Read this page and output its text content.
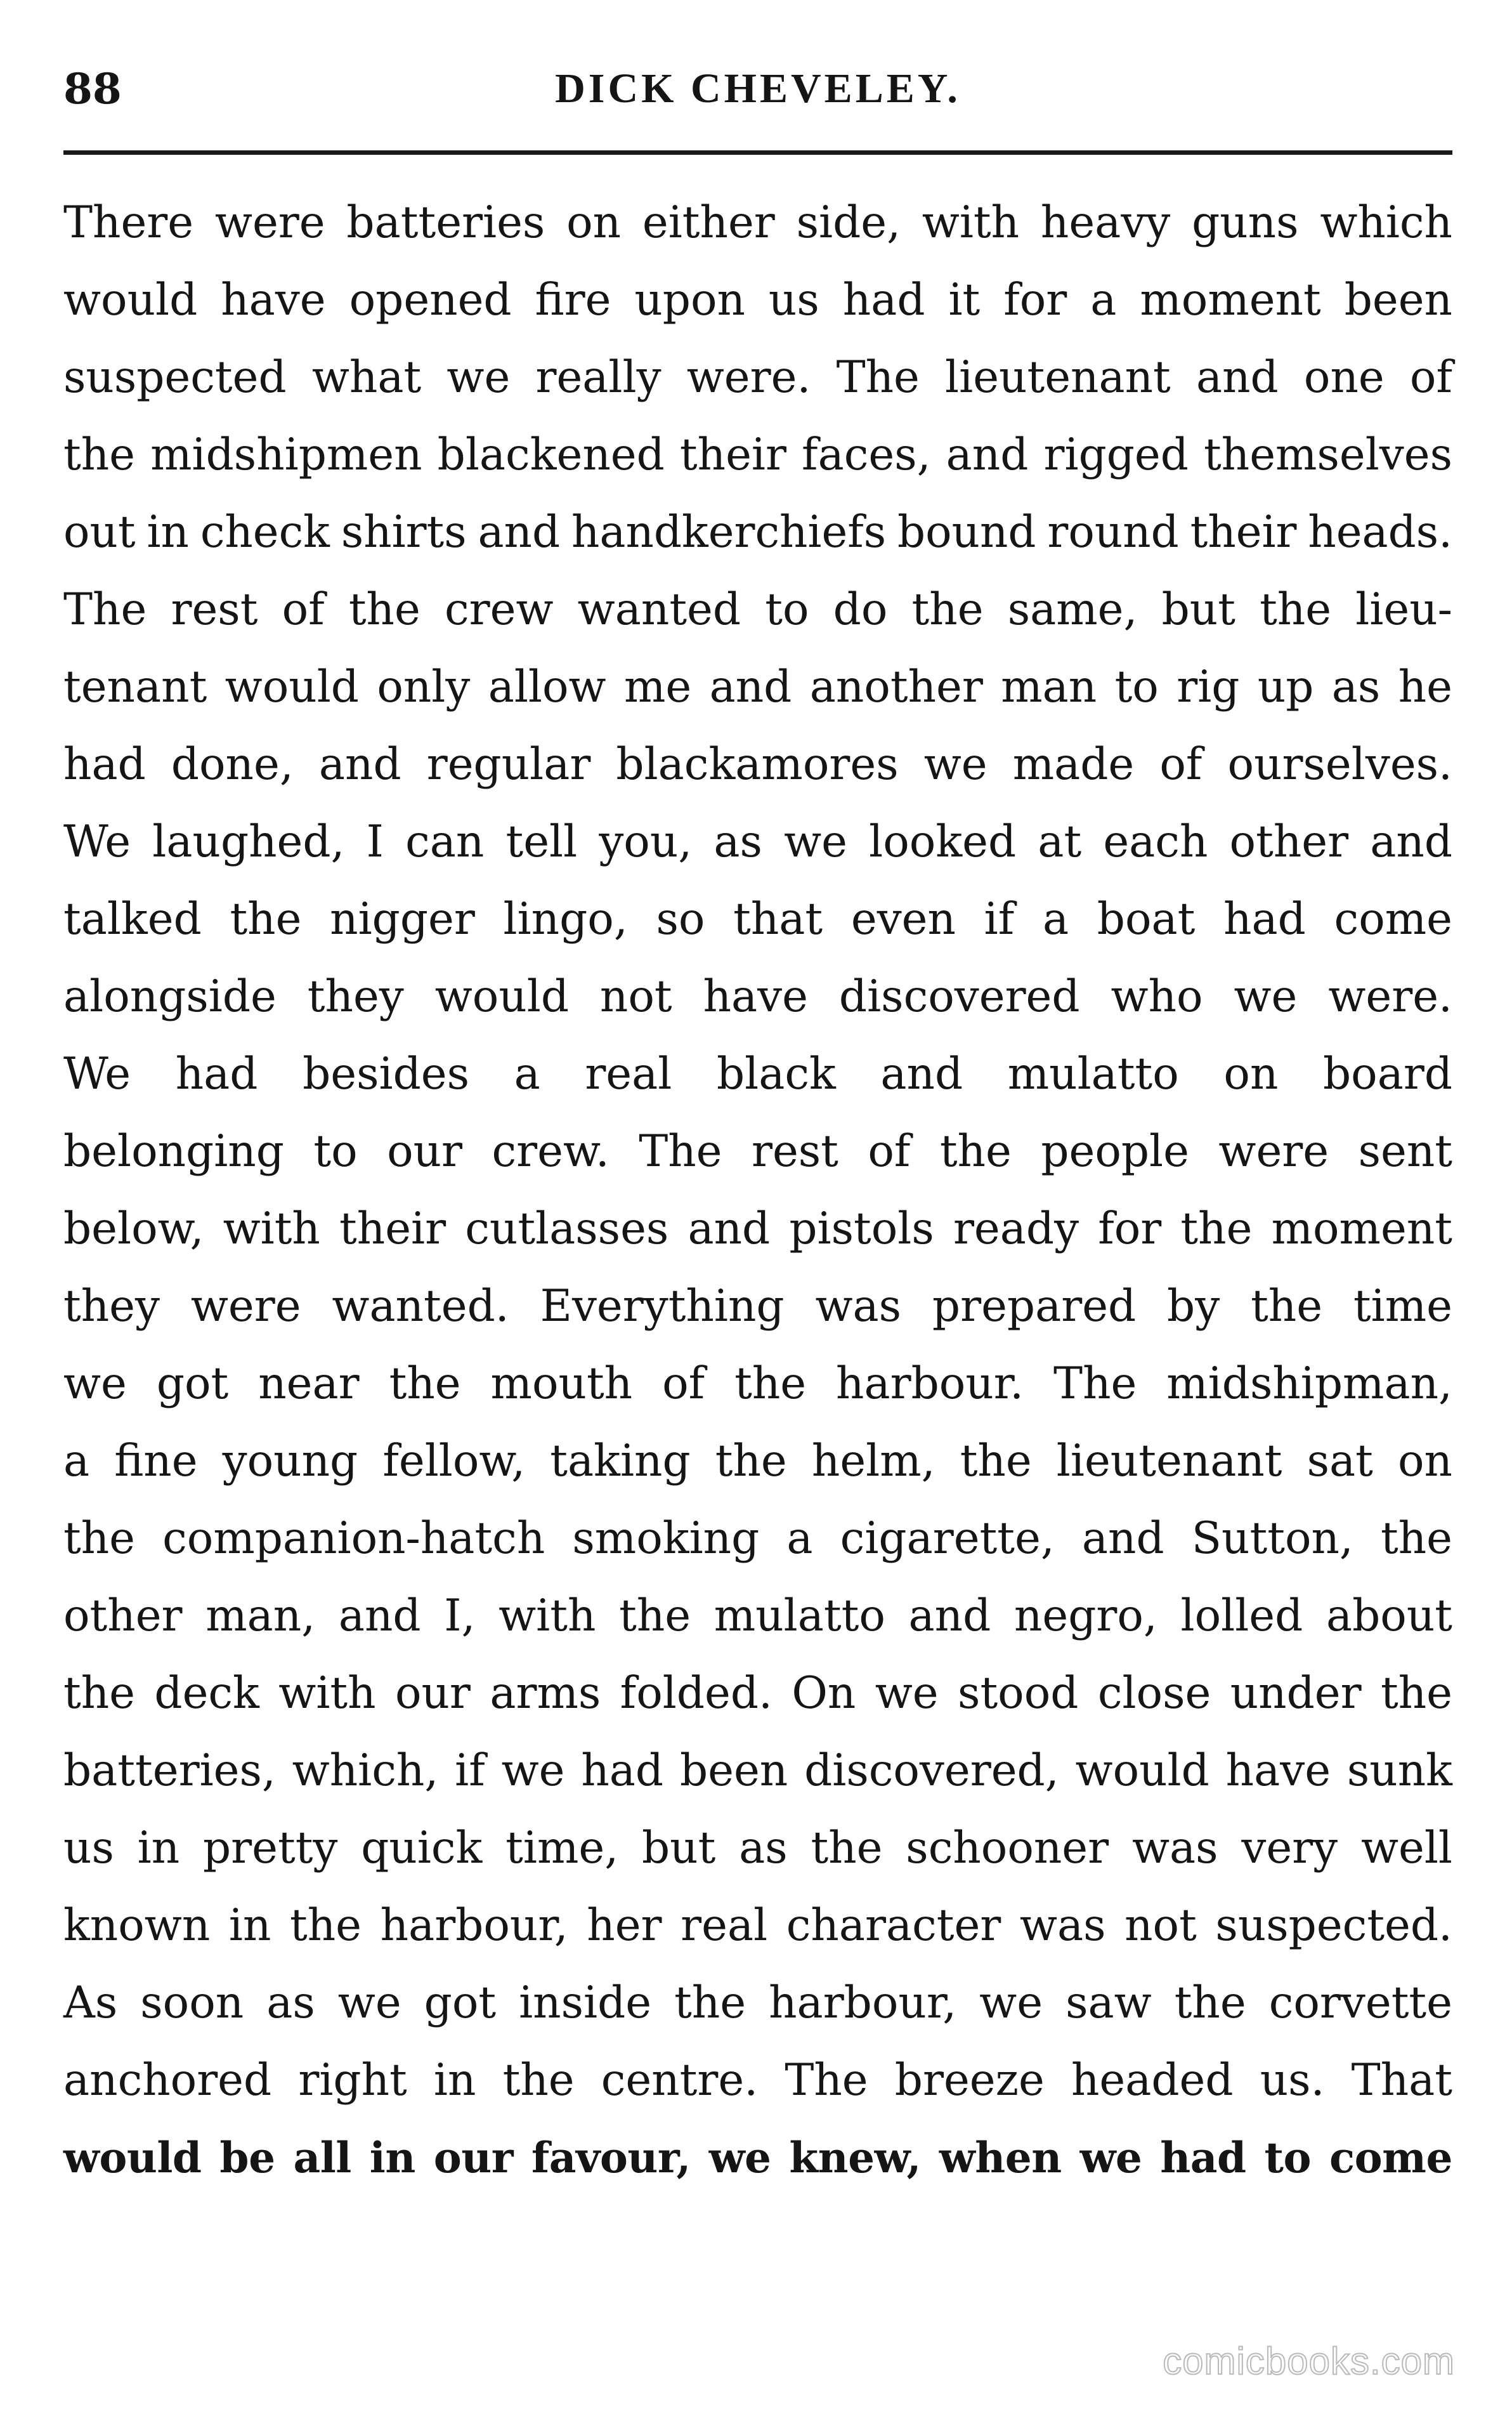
88	DICK CHEVELEY.
There were batteries on either side, with heavy guns which
would have opened fire upon us had it for a moment been
suspected what we really were. The lieutenant and one of
the midshipmen blackened their faces, and rigged themselves
out in check shirts and handkerchiefs bound round their heads.
The rest of the crew wanted to do the same, but the lieu-
tenant would only allow me and another man to rig up as he
had done, and regular blackamores we made of ourselves.
We laughed, I can tell you, as we looked at each other and
talked the nigger lingo, so that even if a boat had come
alongside they would not have discovered who we were.
We had besides a real black and mulatto on board
belonging to our crew. The rest of the people were sent
below, with their cutlasses and pistols ready for the moment
they were wanted. Everything was prepared by the time
we got near the mouth of the harbour. The midshipman,
a fine young fellow, taking the helm, the lieutenant sat on
the companion-hatch smoking a cigarette, and Sutton, the
other man, and I, with the mulatto and negro, lolled about
the deck with our arms folded. On we stood close under the
batteries, which, if we had been discovered, would have sunk
us in pretty quick time, but as the schooner was very well
known in the harbour, her real character was not suspected.
As soon as we got inside the harbour, we saw the corvette
anchored right in the centre. The breeze headed us. That
would be all in our favour, we knew, when we had to come
comicbooks.com
